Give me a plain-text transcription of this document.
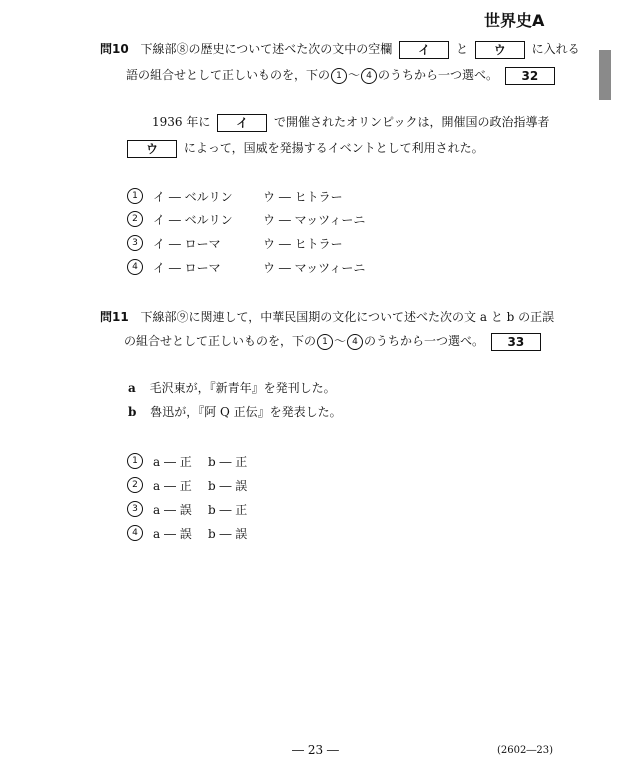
世界史A
問10 下線部⑧の歴史について述べた次の文中の空欄 イ と ウ に入れる
語の組合せとして正しいものを，下の 1 〜 4 のうちから一つ選べ。 32
1936 年に イ で開催されたオリンピックは，開催国の政治指導者
ウ によって，国威を発揚するイベントとして利用された。
1	イ ― ベルリン	ウ ― ヒトラー
2	イ ― ベルリン	ウ ― マッツィーニ
3	イ ― ローマ	ウ ― ヒトラー
4	イ ― ローマ	ウ ― マッツィーニ
問11 下線部⑨に関連して，中華民国期の文化について述べた次の文 a と b の正誤
の組合せとして正しいものを，下の 1 〜 4 のうちから一つ選べ。 33
a 毛沢東が，『新青年』を発刊した。
b 魯迅が，『阿 Q 正伝』を発表した。
1	a ― 正	b ― 正
2	a ― 正	b ― 誤
3	a ― 誤	b ― 正
4	a ― 誤	b ― 誤
― 23 ―	(2602―23)
